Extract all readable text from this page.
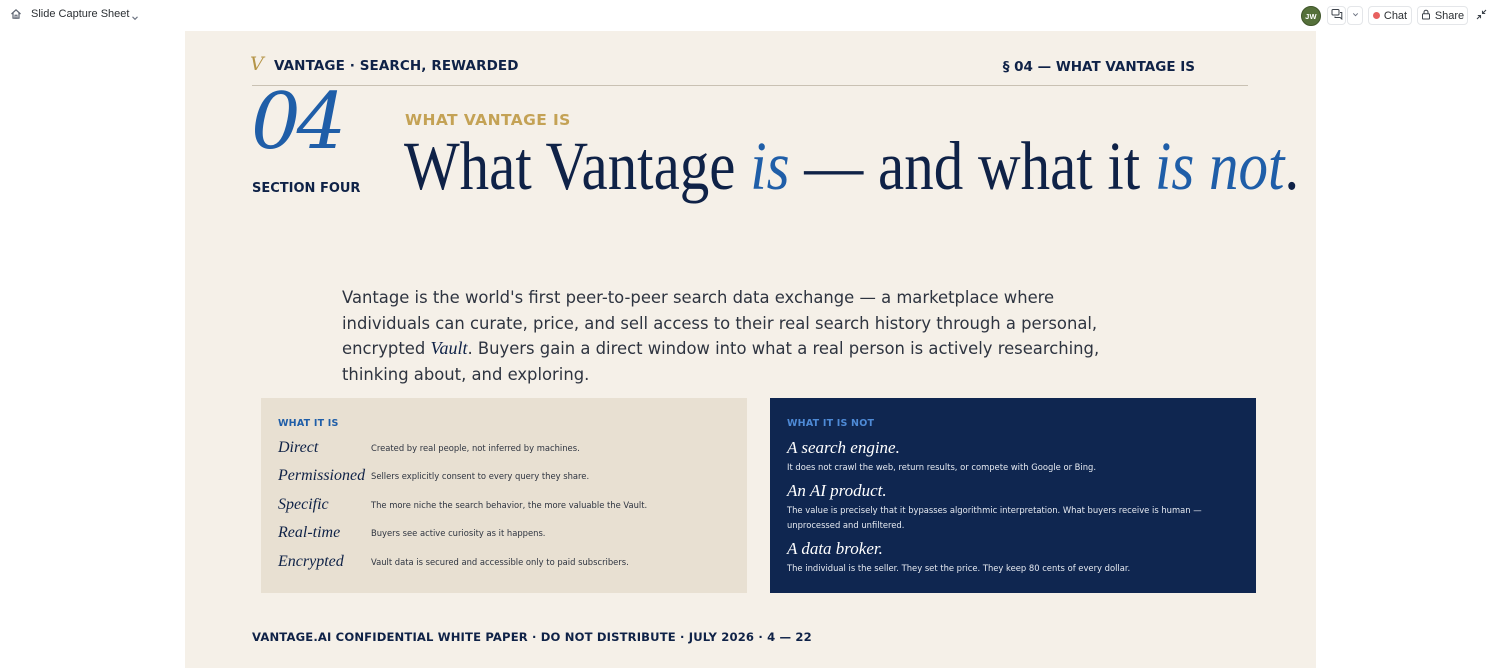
Slide Capture Sheet	JW	Chat	Share
V VANTAGE · SEARCH, REWARDED	§ 04 — WHAT VANTAGE IS
04
SECTION FOUR
WHAT VANTAGE IS
What Vantage is — and what it is not.

Vantage is the world's first peer-to-peer search data exchange — a marketplace where individuals can curate, price, and sell access to their real search history through a personal, encrypted Vault. Buyers gain a direct window into what a real person is actively researching, thinking about, and exploring.

WHAT IT IS
Direct	Created by real people, not inferred by machines.
Permissioned Sellers explicitly consent to every query they share.
Specific	The more niche the search behavior, the more valuable the Vault.
Real-time	Buyers see active curiosity as it happens.
Encrypted	Vault data is secured and accessible only to paid subscribers.
WHAT IT IS NOT
A search engine.
It does not crawl the web, return results, or compete with Google or Bing.
An AI product.
The value is precisely that it bypasses algorithmic interpretation. What buyers receive is human — unprocessed and unfiltered.
A data broker.
The individual is the seller. They set the price. They keep 80 cents of every dollar.
VANTAGE.AI CONFIDENTIAL WHITE PAPER · DO NOT DISTRIBUTE · JULY 2026 · 4 — 22
